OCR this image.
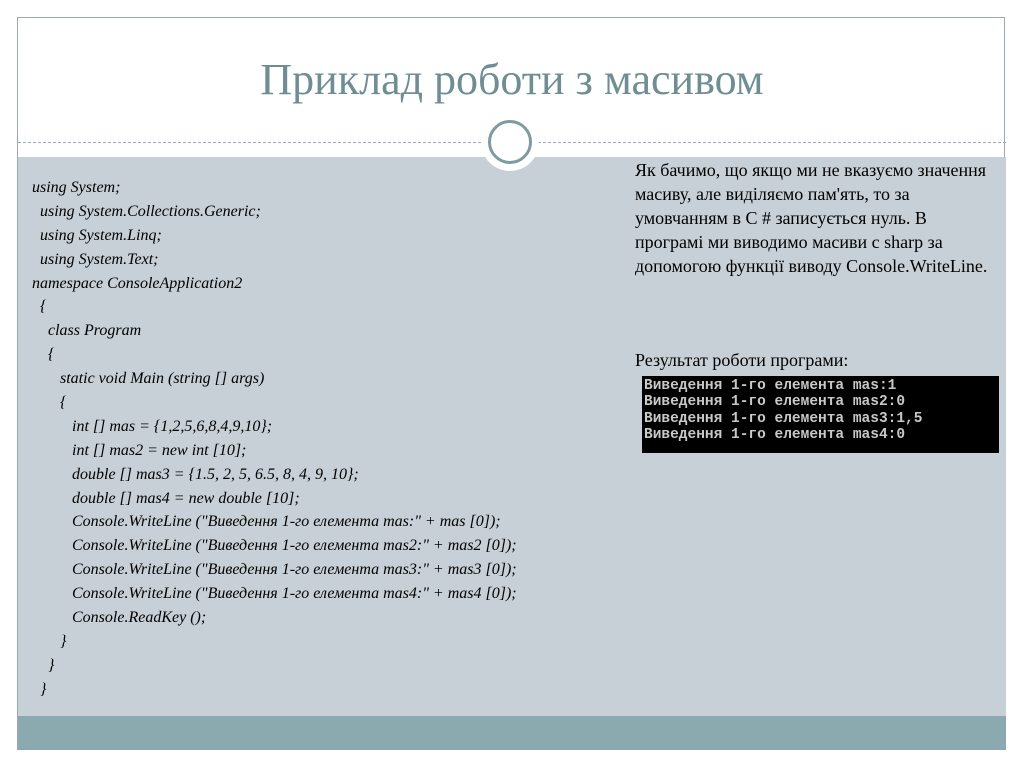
Приклад роботи з масивом
using System;
using System.Collections.Generic;
using System.Linq;
using System.Text;
namespace ConsoleApplication2
{
class Program
{
static void Main (string [] args)
{
int [] mas = {1,2,5,6,8,4,9,10};
int [] mas2 = new int [10];
double [] mas3 = {1.5, 2, 5, 6.5, 8, 4, 9, 10};
double [] mas4 = new double [10];
Console.WriteLine ("Виведення 1-го елемента mas:" + mas [0]);
Console.WriteLine ("Виведення 1-го елемента mas2:" + mas2 [0]);
Console.WriteLine ("Виведення 1-го елемента mas3:" + mas3 [0]);
Console.WriteLine ("Виведення 1-го елемента mas4:" + mas4 [0]);
Console.ReadKey ();
}
}
}

Як бачимо, що якщо ми не вказуємо значення масиву, але виділяємо пам'ять, то за умовчанням в C # записується нуль. В програмі ми виводимо масиви c sharp за допомогою функції виводу Console.WriteLine.

Результат роботи програми:
Виведення 1-го елемента mas:1
Виведення 1-го елемента mas2:0
Виведення 1-го елемента mas3:1,5
Виведення 1-го елемента mas4:0
